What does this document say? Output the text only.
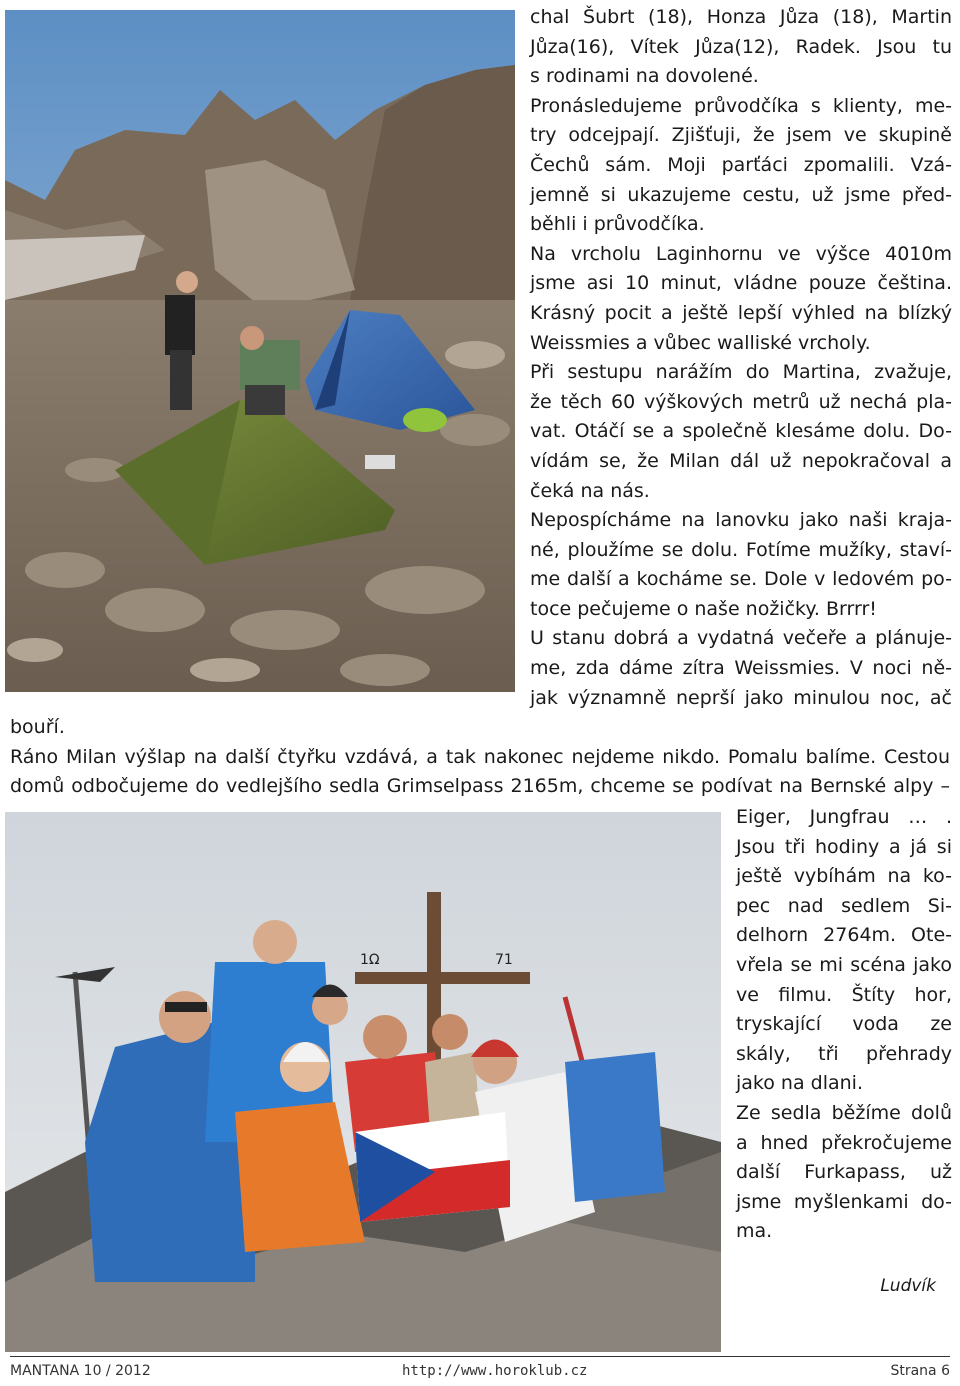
chal Šubrt (18), Honza Jůza (18), Martin
Jůza(16), Vítek Jůza(12), Radek. Jsou tu
s rodinami na dovolené.
Pronásledujeme průvodčíka s klienty, me-
try odcejpají. Zjišťuji, že jsem ve skupině
Čechů sám. Moji parťáci zpomalili. Vzá-
jemně si ukazujeme cestu, už jsme před-
běhli i průvodčíka.
Na vrcholu Laginhornu ve výšce 4010m
jsme asi 10 minut, vládne pouze čeština.
Krásný pocit a ještě lepší výhled na blízký
Weissmies a vůbec walliské vrcholy.
Při sestupu narážím do Martina, zvažuje,
že těch 60 výškových metrů už nechá pla-
vat. Otáčí se a společně klesáme dolu. Do-
vídám se, že Milan dál už nepokračoval a
čeká na nás.
Nepospícháme na lanovku jako naši kraja-
né, ploužíme se dolu. Fotíme mužíky, staví-
me další a kocháme se. Dole v ledovém po-
toce pečujeme o naše nožičky. Brrrr!
U stanu dobrá a vydatná večeře a plánuje-
me, zda dáme zítra Weissmies. V noci ně-
jak významně neprší jako minulou noc, ač
bouří.
Ráno Milan výšlap na další čtyřku vzdává, a tak nakonec nejdeme nikdo. Pomalu balíme. Cestou
domů odbočujeme do vedlejšího sedla Grimselpass 2165m, chceme se podívat na Bernské alpy –
1Ω	71
Eiger, Jungfrau … .
Jsou tři hodiny a já si
ještě vybíhám na ko-
pec nad sedlem Si-
delhorn 2764m. Ote-
vřela se mi scéna jako
ve filmu. Štíty hor,
tryskající voda ze
skály, tři přehrady
jako na dlani.
Ze sedla běžíme dolů
a hned překročujeme
další Furkapass, už
jsme myšlenkami do-
ma.
Ludvík
MANTANA 10 / 2012	http://www.horoklub.cz	Strana 6
